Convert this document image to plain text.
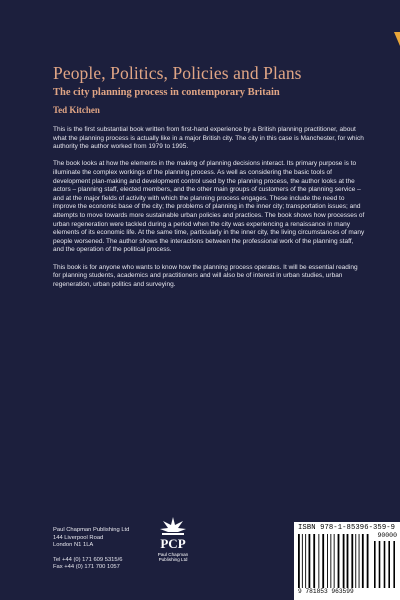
People, Politics, Policies and Plans
The city planning process in contemporary Britain
Ted Kitchen

This is the first substantial book written from first-hand experience by a British planning practitioner, about what the planning process is actually like in a major British city. The city in this case is Manchester, for which authority the author worked from 1979 to 1995.

The book looks at how the elements in the making of planning decisions interact. Its primary purpose is to illuminate the complex workings of the planning process. As well as considering the basic tools of development plan-making and development control used by the planning process, the author looks at the actors – planning staff, elected members, and the other main groups of customers of the planning service – and at the major fields of activity with which the planning process engages. These include the need to improve the economic base of the city; the problems of planning in the inner city; transportation issues; and attempts to move towards more sustainable urban policies and practices. The book shows how processes of urban regeneration were tackled during a period when the city was experiencing a renaissance in many elements of its economic life. At the same time, particularly in the inner city, the living circumstances of many people worsened. The author shows the interactions between the professional work of the planning staff, and the operation of the political process.

This book is for anyone who wants to know how the planning process operates. It will be essential reading for planning students, academics and practitioners and will also be of interest in urban studies, urban regeneration, urban politics and surveying.

Paul Chapman Publishing Ltd
144 Liverpool Road
London N1 1LA
Tel +44 (0) 171 609 5315/6
Fax +44 (0) 171 700 1057
PCP
Paul Chapman
Publishing Ltd
ISBN 978-1-85396-359-9
90000
9 781853 963599
